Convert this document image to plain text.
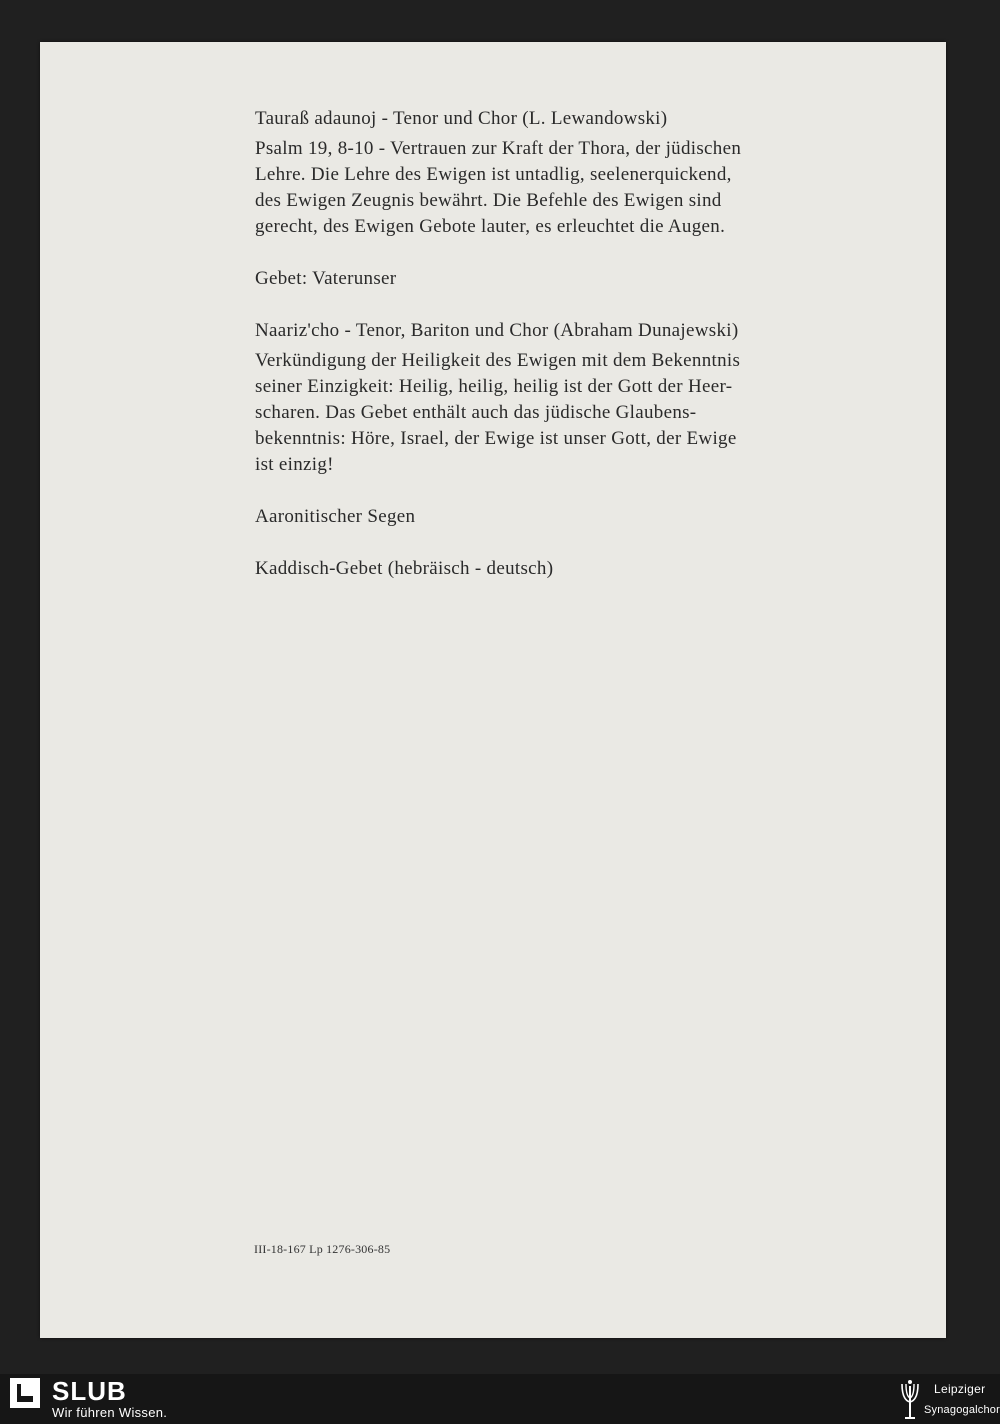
Tauraß adaunoj - Tenor und Chor (L. Lewandowski)

Psalm 19, 8-10 - Vertrauen zur Kraft der Thora, der jüdischen
Lehre. Die Lehre des Ewigen ist untadlig, seelenerquickend,
des Ewigen Zeugnis bewährt. Die Befehle des Ewigen sind
gerecht, des Ewigen Gebote lauter, es erleuchtet die Augen.

Gebet: Vaterunser

Naariz'cho - Tenor, Bariton und Chor (Abraham Dunajewski)

Verkündigung der Heiligkeit des Ewigen mit dem Bekenntnis
seiner Einzigkeit: Heilig, heilig, heilig ist der Gott der Heer-
scharen. Das Gebet enthält auch das jüdische Glaubens-
bekenntnis: Höre, Israel, der Ewige ist unser Gott, der Ewige
ist einzig!

Aaronitischer Segen

Kaddisch-Gebet (hebräisch - deutsch)

III-18-167 Lp 1276-306-85
SLUB
Wir führen Wissen.
Leipziger
Synagogalchor
